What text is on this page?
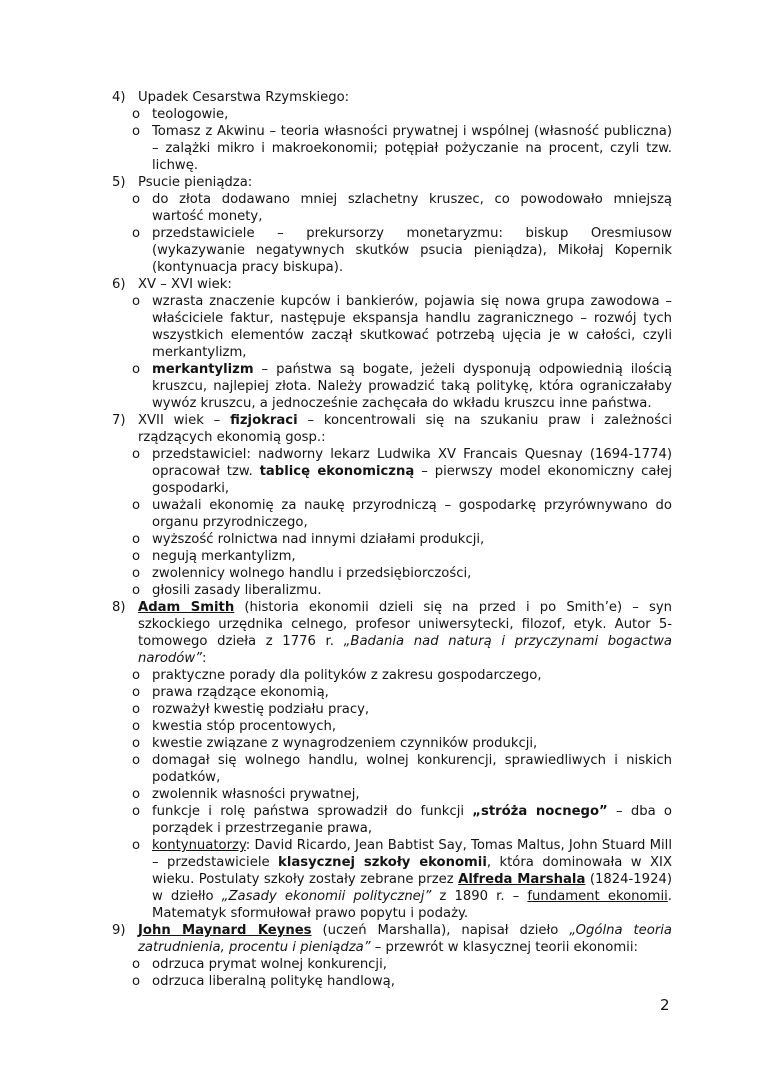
4) Upadek Cesarstwa Rzymskiego:
o teologowie,
o Tomasz z Akwinu – teoria własności prywatnej i wspólnej (własność publiczna) – zalążki mikro i makroekonomii; potępiał pożyczanie na procent, czyli tzw. lichwę.
5) Psucie pieniądza:
o do złota dodawano mniej szlachetny kruszec, co powodowało mniejszą wartość monety,
o przedstawiciele – prekursorzy monetaryzmu: biskup Oresmiusow (wykazywanie negatywnych skutków psucia pieniądza), Mikołaj Kopernik (kontynuacja pracy biskupa).
6) XV – XVI wiek:
o wzrasta znaczenie kupców i bankierów, pojawia się nowa grupa zawodowa – właściciele faktur, następuje ekspansja handlu zagranicznego – rozwój tych wszystkich elementów zaczął skutkować potrzebą ujęcia je w całości, czyli merkantylizm,
o merkantylizm – państwa są bogate, jeżeli dysponują odpowiednią ilością kruszcu, najlepiej złota. Należy prowadzić taką politykę, która ograniczałaby wywóz kruszcu, a jednocześnie zachęcała do wkładu kruszcu inne państwa.
7) XVII wiek – fizjokraci – koncentrowali się na szukaniu praw i zależności rządzących ekonomią gosp.:
o przedstawiciel: nadworny lekarz Ludwika XV Francais Quesnay (1694-1774) opracował tzw. tablicę ekonomiczną – pierwszy model ekonomiczny całej gospodarki,
o uważali ekonomię za naukę przyrodniczą – gospodarkę przyrównywano do organu przyrodniczego,
o wyższość rolnictwa nad innymi działami produkcji,
o negują merkantylizm,
o zwolennicy wolnego handlu i przedsiębiorczości,
o głosili zasady liberalizmu.
8) Adam Smith (historia ekonomii dzieli się na przed i po Smith’e) – syn szkockiego urzędnika celnego, profesor uniwersytecki, filozof, etyk. Autor 5-tomowego dzieła z 1776 r. „Badania nad naturą i przyczynami bogactwa narodów”:
o praktyczne porady dla polityków z zakresu gospodarczego,
o prawa rządzące ekonomią,
o rozważył kwestię podziału pracy,
o kwestia stóp procentowych,
o kwestie związane z wynagrodzeniem czynników produkcji,
o domagał się wolnego handlu, wolnej konkurencji, sprawiedliwych i niskich podatków,
o zwolennik własności prywatnej,
o funkcje i rolę państwa sprowadził do funkcji „stróża nocnego” – dba o porządek i przestrzeganie prawa,
o kontynuatorzy: David Ricardo, Jean Babtist Say, Tomas Maltus, John Stuard Mill – przedstawiciele klasycznej szkoły ekonomii, która dominowała w XIX wieku. Postulaty szkoły zostały zebrane przez Alfreda Marshala (1824-1924) w dziełło „Zasady ekonomii politycznej” z 1890 r. – fundament ekonomii. Matematyk sformułował prawo popytu i podaży.
9) John Maynard Keynes (uczeń Marshalla), napisał dzieło „Ogólna teoria zatrudnienia, procentu i pieniądza” – przewrót w klasycznej teorii ekonomii:
o odrzuca prymat wolnej konkurencji,
o odrzuca liberalną politykę handlową,
2
